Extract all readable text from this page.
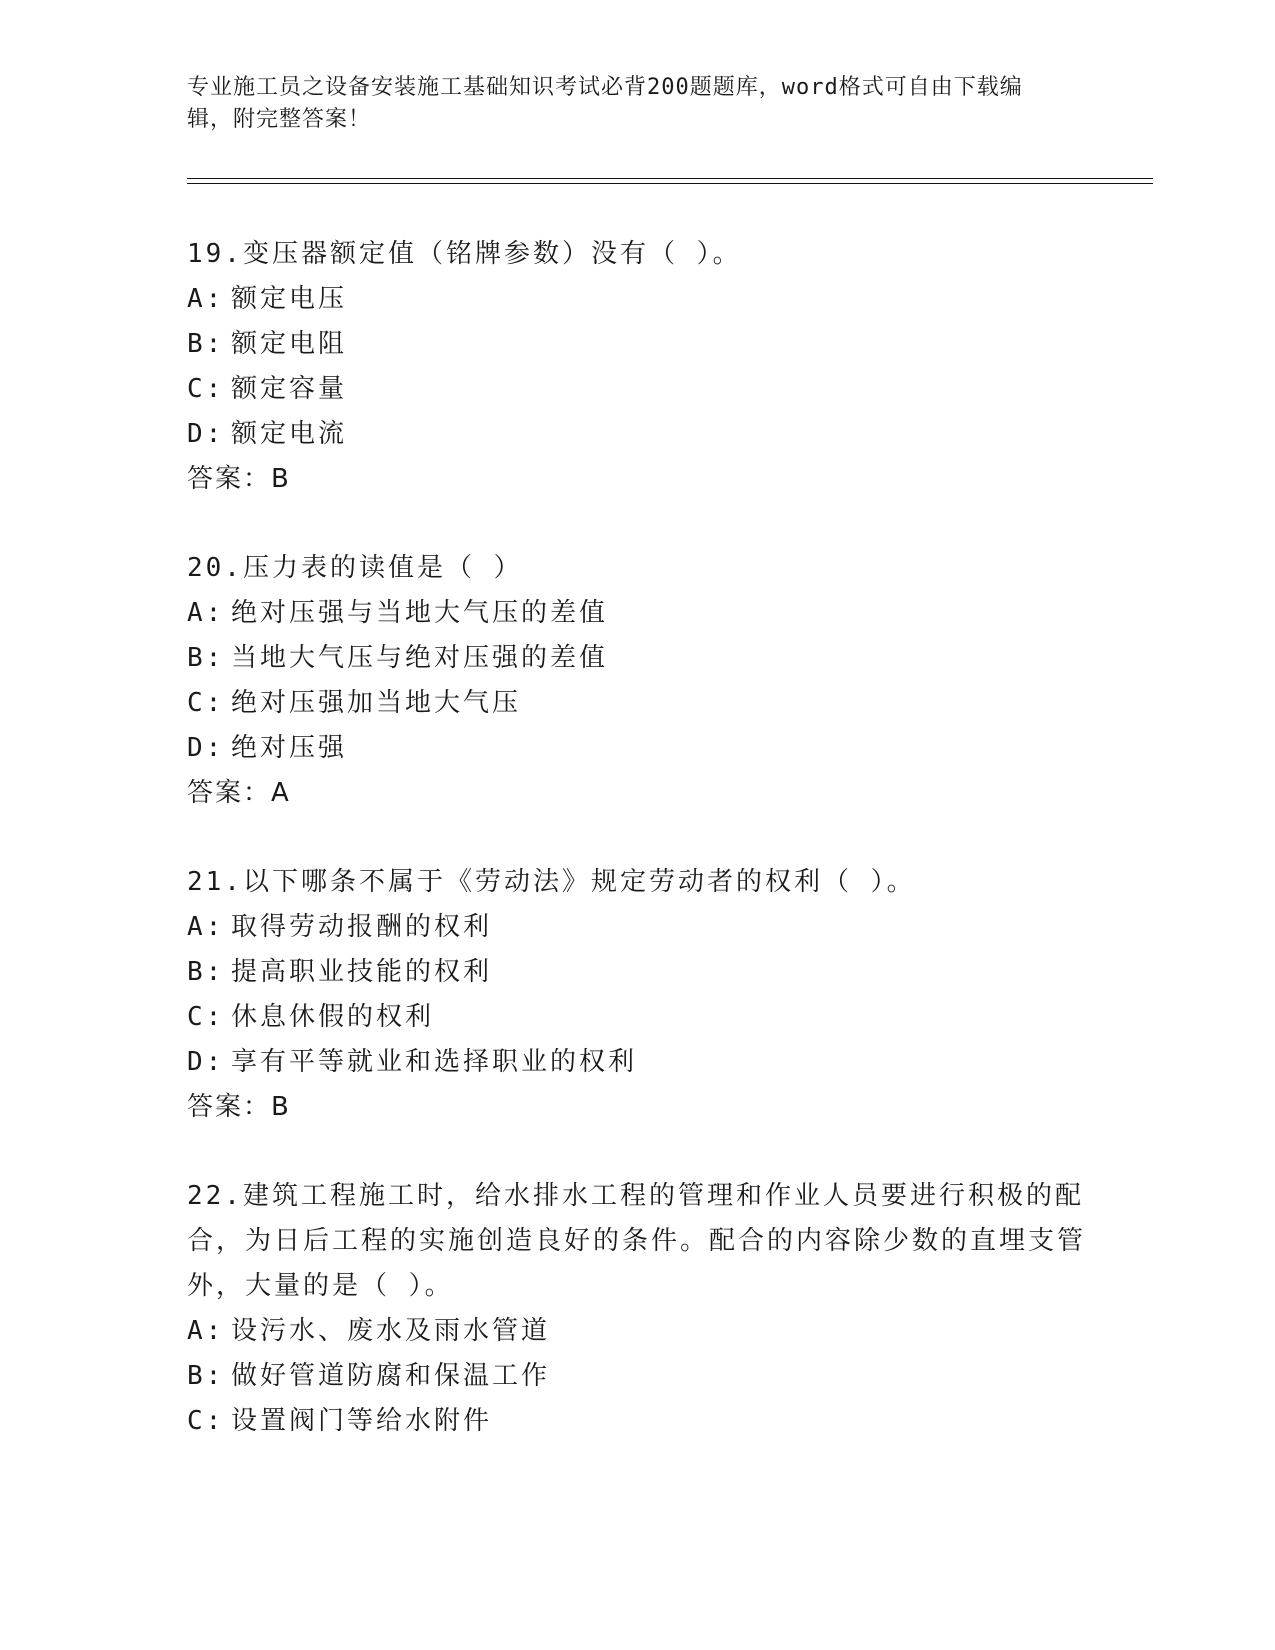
专业施工员之设备安装施工基础知识考试必背200题题库，word格式可自由下载编辑，附完整答案！

19.变压器额定值（铭牌参数）没有（ ）。

A: 额定电压

B: 额定电阻

C: 额定容量

D: 额定电流

答案：B

20.压力表的读值是（ ）

A: 绝对压强与当地大气压的差值

B: 当地大气压与绝对压强的差值

C: 绝对压强加当地大气压

D: 绝对压强

答案：A

21.以下哪条不属于《劳动法》规定劳动者的权利（ ）。

A: 取得劳动报酬的权利

B: 提高职业技能的权利

C: 休息休假的权利

D: 享有平等就业和选择职业的权利

答案：B

22.建筑工程施工时，给水排水工程的管理和作业人员要进行积极的配合，为日后工程的实施创造良好的条件。配合的内容除少数的直埋支管外，大量的是（ ）。

A: 设污水、废水及雨水管道

B: 做好管道防腐和保温工作

C: 设置阀门等给水附件
